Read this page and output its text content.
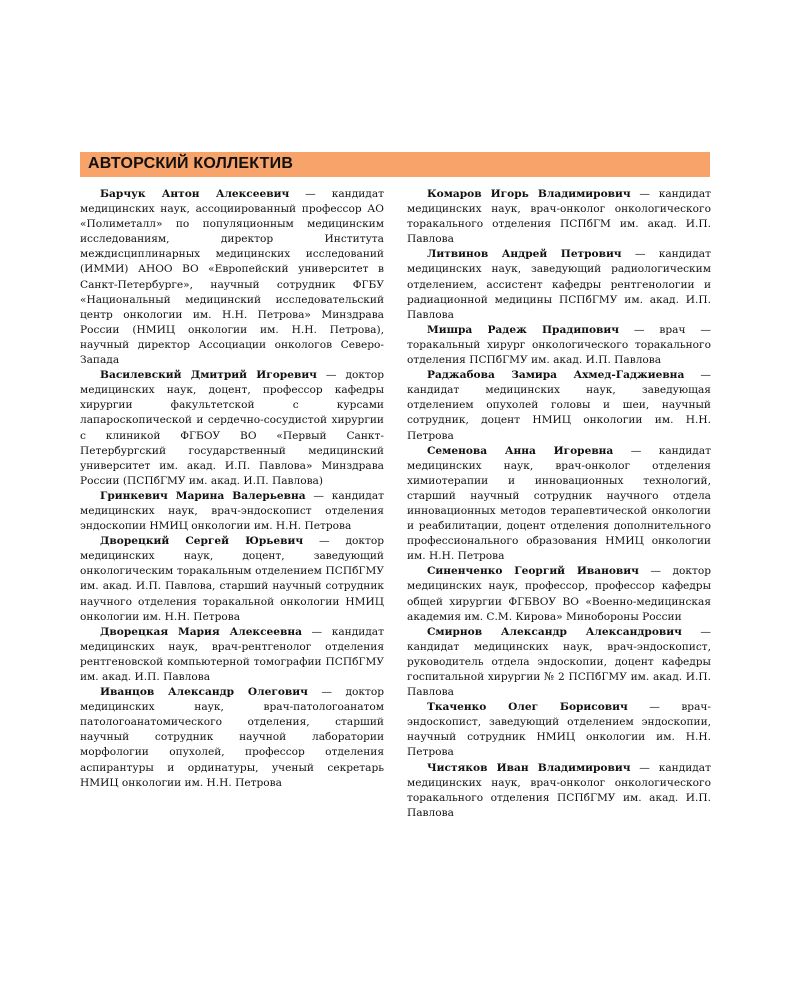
АВТОРСКИЙ КОЛЛЕКТИВ

Барчук Антон Алексеевич — кандидат медицинских наук, ассоциированный профессор АО «Полиметалл» по популяционным медицинским исследованиям, директор Института междисциплинарных медицинских исследований (ИММИ) АНОО ВО «Европейский университет в Санкт-Петербурге», научный сотрудник ФГБУ «Национальный медицинский исследовательский центр онкологии им. Н.Н. Петрова» Минздрава России (НМИЦ онкологии им. Н.Н. Петрова), научный директор Ассоциации онкологов Северо-Запада

Василевский Дмитрий Игоревич — доктор медицинских наук, доцент, профессор кафедры хирургии факультетской с курсами лапароскопической и сердечно-сосудистой хирургии с клиникой ФГБОУ ВО «Первый Санкт-Петербургский государственный медицинский университет им. акад. И.П. Павлова» Минздрава России (ПСПбГМУ им. акад. И.П. Павлова)

Гринкевич Марина Валерьевна — кандидат медицинских наук, врач-эндоскопист отделения эндоскопии НМИЦ онкологии им. Н.Н. Петрова

Дворецкий Сергей Юрьевич — доктор медицинских наук, доцент, заведующий онкологическим торакальным отделением ПСПбГМУ им. акад. И.П. Павлова, старший научный сотрудник научного отделения торакальной онкологии НМИЦ онкологии им. Н.Н. Петрова

Дворецкая Мария Алексеевна — кандидат медицинских наук, врач-рентгенолог отделения рентгеновской компьютерной томографии ПСПбГМУ им. акад. И.П. Павлова

Иванцов Александр Олегович — доктор медицинских наук, врач-патологоанатом патологоанатомического отделения, старший научный сотрудник научной лаборатории морфологии опухолей, профессор отделения аспирантуры и ординатуры, ученый секретарь НМИЦ онкологии им. Н.Н. Петрова

Комаров Игорь Владимирович — кандидат медицинских наук, врач-онколог онкологического торакального отделения ПСПбГМ им. акад. И.П. Павлова

Литвинов Андрей Петрович — кандидат медицинских наук, заведующий радиологическим отделением, ассистент кафедры рентгенологии и радиационной медицины ПСПбГМУ им. акад. И.П. Павлова

Мишра Радеж Прадипович — врач — торакальный хирург онкологического торакального отделения ПСПбГМУ им. акад. И.П. Павлова

Раджабова Замира Ахмед-Гаджиевна — кандидат медицинских наук, заведующая отделением опухолей головы и шеи, научный сотрудник, доцент НМИЦ онкологии им. Н.Н. Петрова

Семенова Анна Игоревна — кандидат медицинских наук, врач-онколог отделения химиотерапии и инновационных технологий, старший научный сотрудник научного отдела инновационных методов терапевтической онкологии и реабилитации, доцент отделения дополнительного профессионального образования НМИЦ онкологии им. Н.Н. Петрова

Синенченко Георгий Иванович — доктор медицинских наук, профессор, профессор кафедры общей хирургии ФГБВОУ ВО «Военно-медицинская академия им. С.М. Кирова» Минобороны России

Смирнов Александр Александрович — кандидат медицинских наук, врач-эндоскопист, руководитель отдела эндоскопии, доцент кафедры госпитальной хирургии № 2 ПСПбГМУ им. акад. И.П. Павлова

Ткаченко Олег Борисович — врач-эндоскопист, заведующий отделением эндоскопии, научный сотрудник НМИЦ онкологии им. Н.Н. Петрова

Чистяков Иван Владимирович — кандидат медицинских наук, врач-онколог онкологического торакального отделения ПСПбГМУ им. акад. И.П. Павлова
